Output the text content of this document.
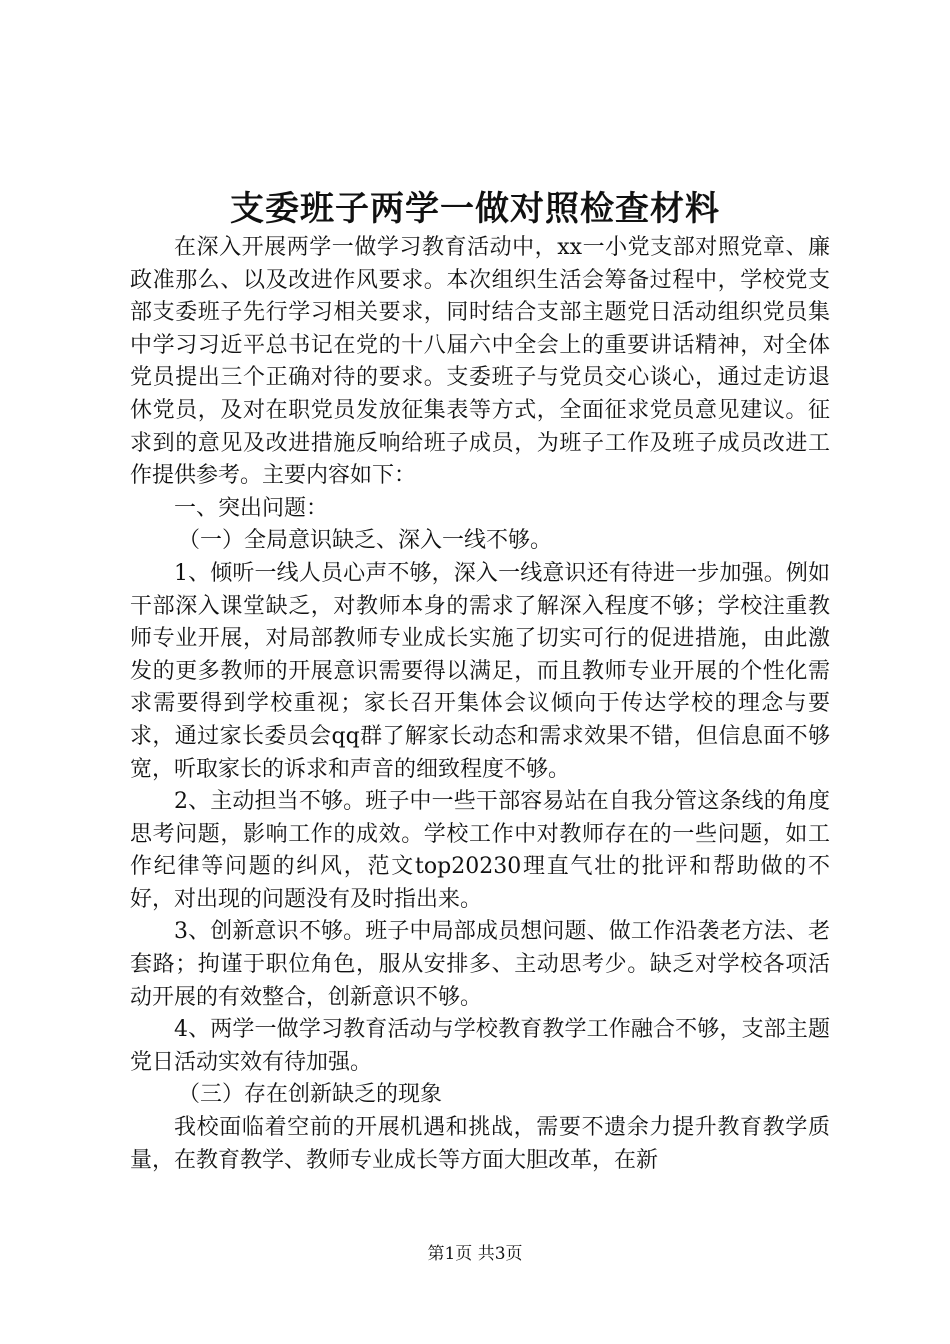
支委班子两学一做对照检查材料

在深入开展两学一做学习教育活动中，xx一小党支部对照党章、廉政准那么、以及改进作风要求。本次组织生活会筹备过程中，学校党支部支委班子先行学习相关要求，同时结合支部主题党日活动组织党员集中学习习近平总书记在党的十八届六中全会上的重要讲话精神，对全体党员提出三个正确对待的要求。支委班子与党员交心谈心，通过走访退休党员，及对在职党员发放征集表等方式，全面征求党员意见建议。征求到的意见及改进措施反响给班子成员，为班子工作及班子成员改进工作提供参考。主要内容如下：

一、突出问题：

（一）全局意识缺乏、深入一线不够。

1、倾听一线人员心声不够，深入一线意识还有待进一步加强。例如干部深入课堂缺乏，对教师本身的需求了解深入程度不够；学校注重教师专业开展，对局部教师专业成长实施了切实可行的促进措施，由此激发的更多教师的开展意识需要得以满足，而且教师专业开展的个性化需求需要得到学校重视；家长召开集体会议倾向于传达学校的理念与要求，通过家长委员会qq群了解家长动态和需求效果不错，但信息面不够宽，听取家长的诉求和声音的细致程度不够。

2、主动担当不够。班子中一些干部容易站在自我分管这条线的角度思考问题，影响工作的成效。学校工作中对教师存在的一些问题，如工作纪律等问题的纠风，范文top20230理直气壮的批评和帮助做的不好，对出现的问题没有及时指出来。

3、创新意识不够。班子中局部成员想问题、做工作沿袭老方法、老套路；拘谨于职位角色，服从安排多、主动思考少。缺乏对学校各项活动开展的有效整合，创新意识不够。

4、两学一做学习教育活动与学校教育教学工作融合不够，支部主题党日活动实效有待加强。

（三）存在创新缺乏的现象

我校面临着空前的开展机遇和挑战，需要不遗余力提升教育教学质量，在教育教学、教师专业成长等方面大胆改革，在新

第1页 共3页
